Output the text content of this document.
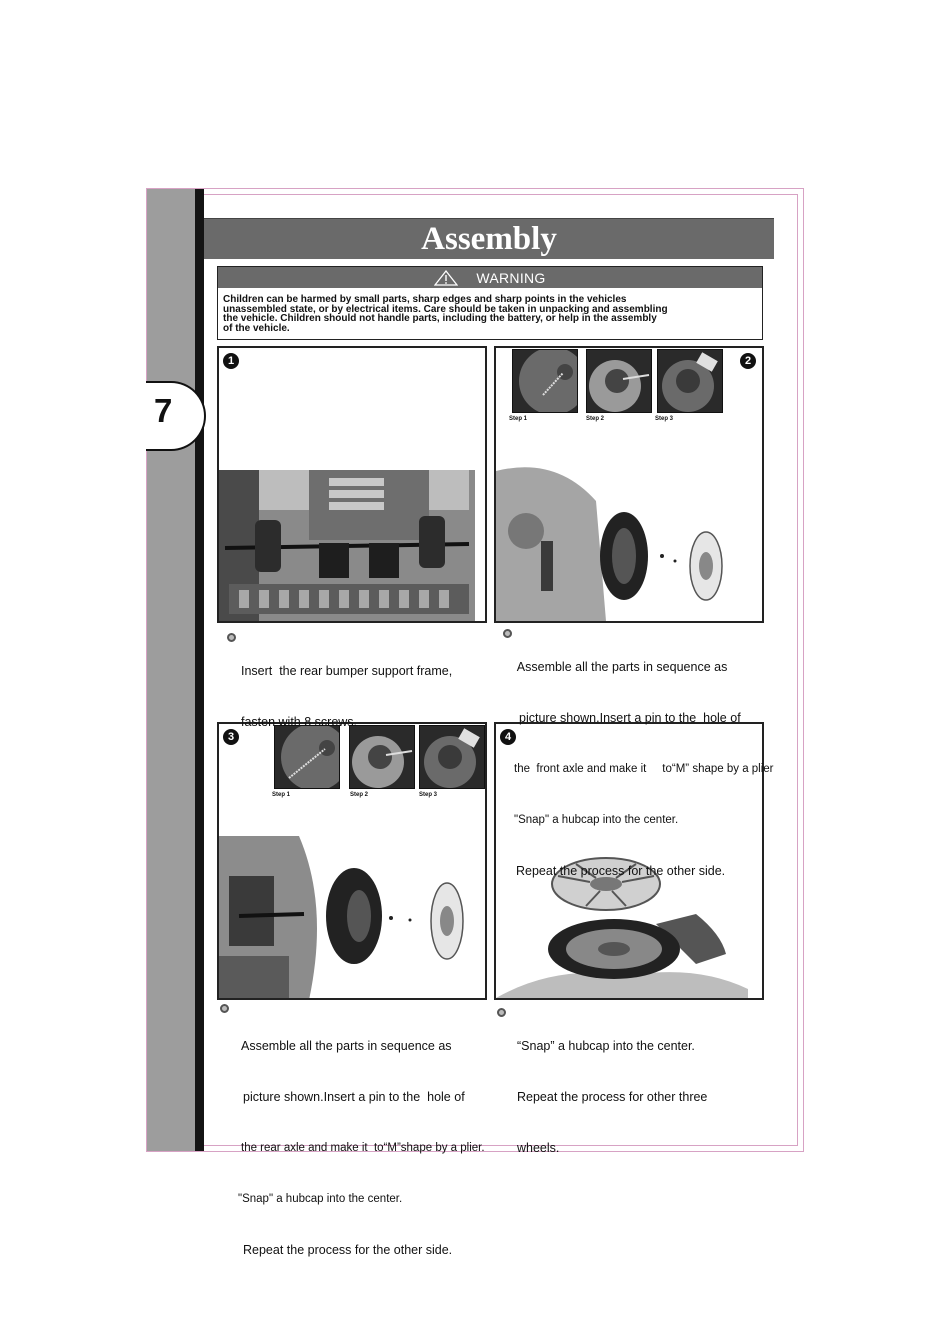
7
Assembly
WARNING
Children can be harmed by small parts, sharp edges and sharp points in the vehicles
unassembled state, or by electrical items. Care should be taken in unpacking and assembling
the vehicle. Children should not handle parts, including the battery, or help in the assembly
of the vehicle.
1
Step 1	Step 2	Step 3
2
Step 1	Step 2	Step 3
3	4

Insert  the rear bumper support frame,

fasten with 8 screws.

Assemble all the parts in sequence as

picture shown.Insert a pin to the  hole of

the  front axle and make it     to“M” shape by a plier

"Snap" a hubcap into the center.

Repeat the process for the other side.

Assemble all the parts in sequence as

picture shown.Insert a pin to the  hole of

the rear axle and make it  to“M”shape by a plier.

"Snap" a hubcap into the center.

Repeat the process for the other side.

“Snap” a hubcap into the center.

Repeat the process for other three

wheels.
